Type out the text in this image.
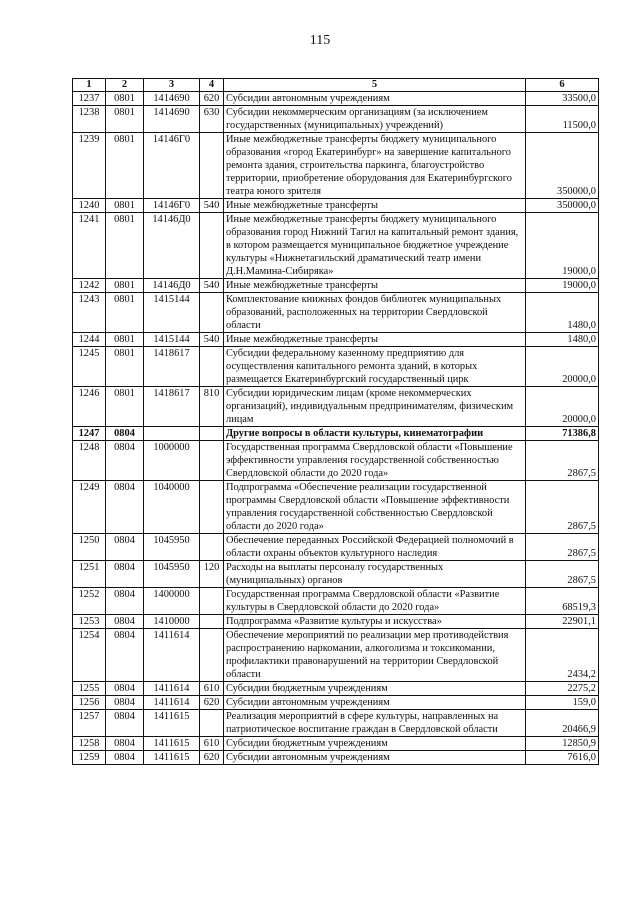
115
1	2	3	4	5	6
1237	0801	1414690	620	Субсидии автономным учреждениям	33500,0
1238	0801	1414690	630	Субсидии некоммерческим организациям (за исключением государственных (муниципальных) учреждений)	11500,0
1239	0801	14146Г0		Иные межбюджетные трансферты бюджету муниципального образования «город Екатеринбург» на завершение капитального ремонта здания, строительства паркинга, благоустройство территории, приобретение оборудования для Екатеринбургского театра юного зрителя	350000,0
1240	0801	14146Г0	540	Иные межбюджетные трансферты	350000,0
1241	0801	14146Д0		Иные межбюджетные трансферты бюджету муниципального образования город Нижний Тагил на капитальный ремонт здания, в котором размещается муниципальное бюджетное учреждение культуры «Нижнетагильский драматический театр имени Д.Н.Мамина-Сибиряка»	19000,0
1242	0801	14146Д0	540	Иные межбюджетные трансферты	19000,0
1243	0801	1415144		Комплектование книжных фондов библиотек муниципальных образований, расположенных на территории Свердловской области	1480,0
1244	0801	1415144	540	Иные межбюджетные трансферты	1480,0
1245	0801	1418617		Субсидии федеральному казенному предприятию для осуществления капитального ремонта зданий, в которых размещается Екатеринбургский государственный цирк	20000,0
1246	0801	1418617	810	Субсидии юридическим лицам (кроме некоммерческих организаций), индивидуальным предпринимателям, физическим лицам	20000,0
1247	0804			Другие вопросы в области культуры, кинематографии	71386,8
1248	0804	1000000		Государственная программа Свердловской области «Повышение эффективности управления государственной собственностью Свердловской области до 2020 года»	2867,5
1249	0804	1040000		Подпрограмма «Обеспечение реализации государственной программы Свердловской области «Повышение эффективности управления государственной собственностью Свердловской области до 2020 года»	2867,5
1250	0804	1045950		Обеспечение переданных Российской Федерацией полномочий в области охраны объектов культурного наследия	2867,5
1251	0804	1045950	120	Расходы на выплаты персоналу государственных (муниципальных) органов	2867,5
1252	0804	1400000		Государственная программа Свердловской области «Развитие культуры в Свердловской области до 2020 года»	68519,3
1253	0804	1410000		Подпрограмма «Развитие культуры и искусства»	22901,1
1254	0804	1411614		Обеспечение мероприятий по реализации мер противодействия распространению наркомании, алкоголизма и токсикомании, профилактики правонарушений на территории Свердловской области	2434,2
1255	0804	1411614	610	Субсидии бюджетным учреждениям	2275,2
1256	0804	1411614	620	Субсидии автономным учреждениям	159,0
1257	0804	1411615		Реализация мероприятий в сфере культуры, направленных на патриотическое воспитание граждан в Свердловской области	20466,9
1258	0804	1411615	610	Субсидии бюджетным учреждениям	12850,9
1259	0804	1411615	620	Субсидии автономным учреждениям	7616,0
